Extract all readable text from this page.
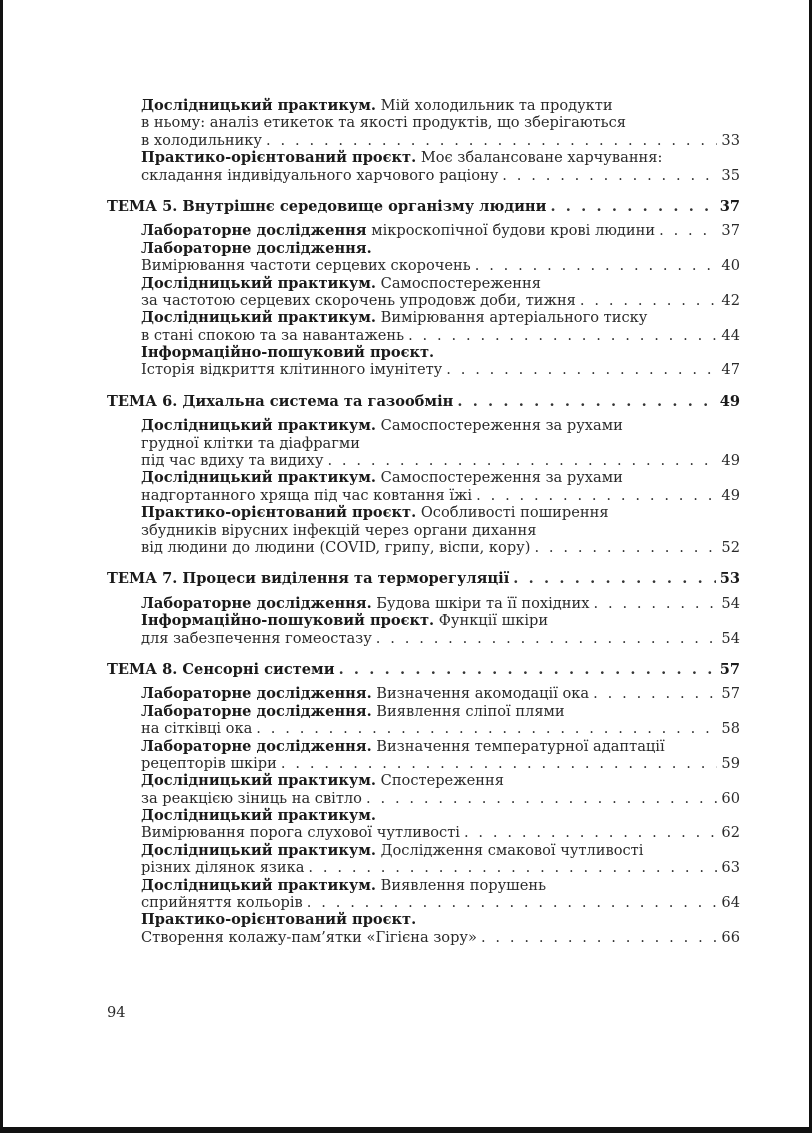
Дослідницький практикум. Мій холодильник та продукти
в ньому: аналіз етикеток та якості продуктів, що зберігаються
в холодильнику . . .	33
Практико-орієнтований проєкт. Моє збалансоване харчування:
складання індивідуального харчового раціону . . .	35
ТЕМА 5. Внутрішнє середовище організму людини . . .	37
Лабораторне дослідження мікроскопічної будови крові людини . . .	37
Лабораторне дослідження.
Вимірювання частоти серцевих скорочень . . .	40
Дослідницький практикум. Самоспостереження
за частотою серцевих скорочень упродовж доби, тижня . . .	42
Дослідницький практикум. Вимірювання артеріального тиску
в стані спокою та за навантажень . . .	44
Інформаційно-пошуковий проєкт.
Історія відкриття клітинного імунітету . . .	47
ТЕМА 6. Дихальна система та газообмін . . .	49
Дослідницький практикум. Самоспостереження за рухами
грудної клітки та діафрагми
під час вдиху та видиху . . .	49
Дослідницький практикум. Самоспостереження за рухами
надгортанного хряща під час ковтання їжі . . .	49
Практико-орієнтований проєкт. Особливості поширення
збудників вірусних інфекцій через органи дихання
від людини до людини (COVID, грипу, віспи, кору) . . .	52
ТЕМА 7. Процеси виділення та терморегуляції . . .	53
Лабораторне дослідження. Будова шкіри та її похідних . . .	54
Інформаційно-пошуковий проєкт. Функції шкіри
для забезпечення гомеостазу . . .	54
ТЕМА 8. Сенсорні системи . . .	57
Лабораторне дослідження. Визначення акомодації ока . . .	57
Лабораторне дослідження. Виявлення сліпої плями
на сітківці ока . . .	58
Лабораторне дослідження. Визначення температурної адаптації
рецепторів шкіри . . .	59
Дослідницький практикум. Спостереження
за реакцією зіниць на світло . . .	60
Дослідницький практикум.
Вимірювання порога слухової чутливості . . .	62
Дослідницький практикум. Дослідження смакової чутливості
різних ділянок язика . . .	63
Дослідницький практикум. Виявлення порушень
сприйняття кольорів . . .	64
Практико-орієнтований проєкт.
Створення колажу-пам’ятки «Гігієна зору» . . .	66
94
